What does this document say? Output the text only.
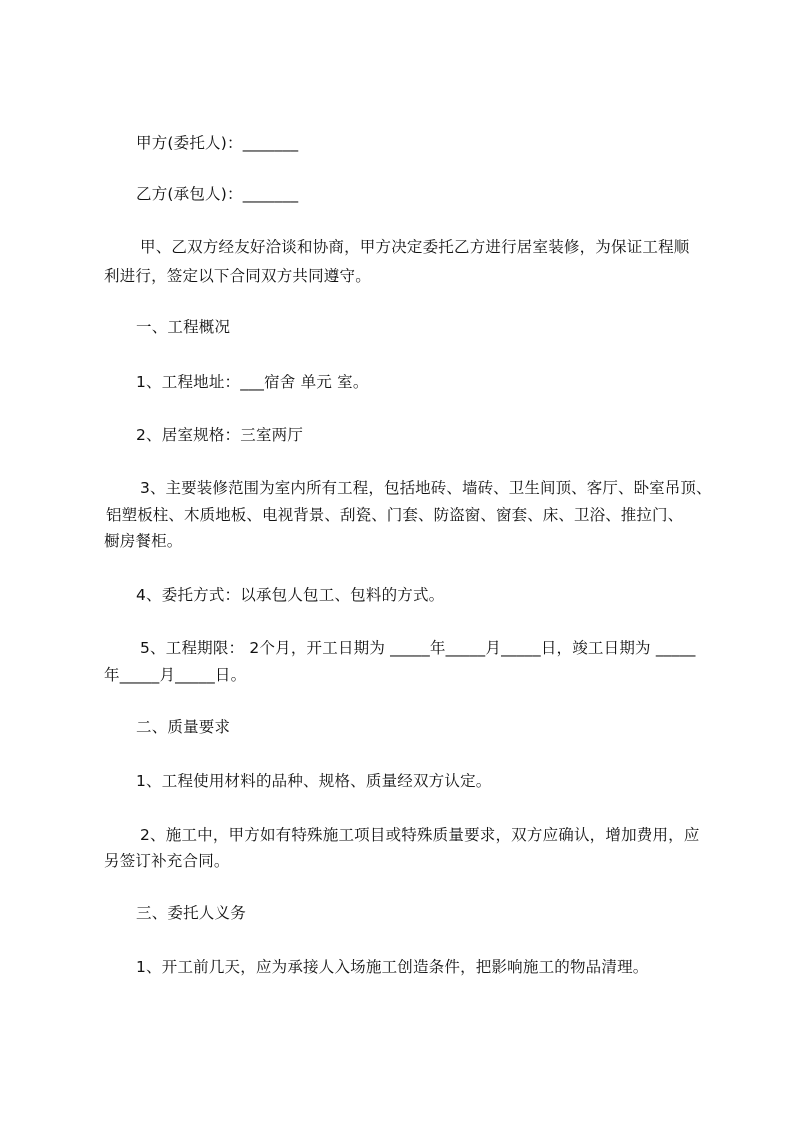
甲方(委托人)：_______
乙方(承包人)：_______
甲、乙双方经友好洽谈和协商，甲方决定委托乙方进行居室装修，为保证工程顺
利进行，签定以下合同双方共同遵守。
一、工程概况
1、工程地址：___宿舍 单元 室。
2、居室规格：三室两厅
3、主要装修范围为室内所有工程，包括地砖、墙砖、卫生间顶、客厅、卧室吊顶、
铝塑板柱、木质地板、电视背景、刮瓷、门套、防盗窗、窗套、床、卫浴、推拉门、
橱房餐柜。
4、委托方式：以承包人包工、包料的方式。
5、工程期限： 2个月，开工日期为 _____年_____月_____日，竣工日期为 _____
年_____月_____日。
二、质量要求
1、工程使用材料的品种、规格、质量经双方认定。
2、施工中，甲方如有特殊施工项目或特殊质量要求，双方应确认，增加费用，应
另签订补充合同。
三、委托人义务
1、开工前几天，应为承接人入场施工创造条件，把影响施工的物品清理。
